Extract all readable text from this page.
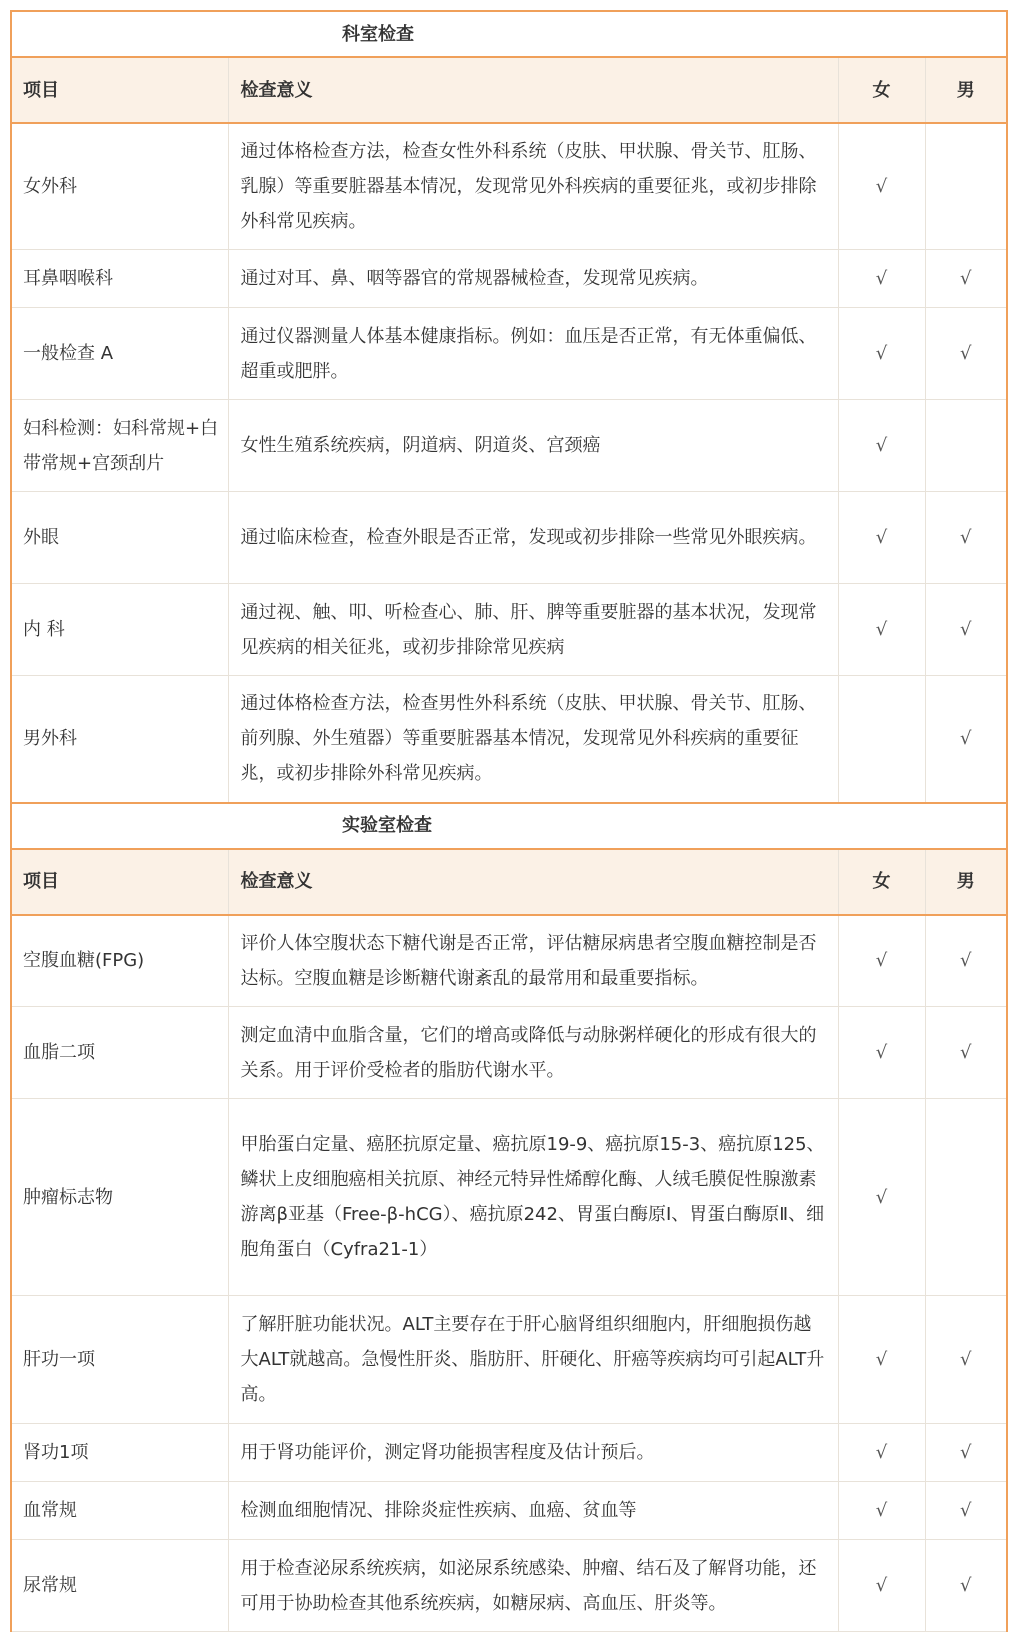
科室检查			
项目	检查意义	女	男
女外科	通过体格检查方法，检查女性外科系统（皮肤、甲状腺、骨关节、肛肠、乳腺）等重要脏器基本情况，发现常见外科疾病的重要征兆，或初步排除外科常见疾病。	√	
耳鼻咽喉科	通过对耳、鼻、咽等器官的常规器械检查，发现常见疾病。	√	√
一般检查 A	通过仪器测量人体基本健康指标。例如：血压是否正常，有无体重偏低、超重或肥胖。	√	√
妇科检测：妇科常规+白带常规+宫颈刮片	女性生殖系统疾病，阴道病、阴道炎、宫颈癌	√	
外眼	通过临床检查，检查外眼是否正常，发现或初步排除一些常见外眼疾病。	√	√
内 科	通过视、触、叩、听检查心、肺、肝、脾等重要脏器的基本状况，发现常见疾病的相关征兆，或初步排除常见疾病	√	√
男外科	通过体格检查方法，检查男性外科系统（皮肤、甲状腺、骨关节、肛肠、前列腺、外生殖器）等重要脏器基本情况，发现常见外科疾病的重要征兆，或初步排除外科常见疾病。		√
实验室检查			
项目	检查意义	女	男
空腹血糖(FPG)	评价人体空腹状态下糖代谢是否正常，评估糖尿病患者空腹血糖控制是否达标。空腹血糖是诊断糖代谢紊乱的最常用和最重要指标。	√	√
血脂二项	测定血清中血脂含量，它们的增高或降低与动脉粥样硬化的形成有很大的关系。用于评价受检者的脂肪代谢水平。	√	√
肿瘤标志物	甲胎蛋白定量、癌胚抗原定量、癌抗原19-9、癌抗原15-3、癌抗原125、鳞状上皮细胞癌相关抗原、神经元特异性烯醇化酶、人绒毛膜促性腺激素游离β亚基（Free-β-hCG）、癌抗原242、胃蛋白酶原Ⅰ、胃蛋白酶原Ⅱ、细胞角蛋白（Cyfra21-1）	√	
肝功一项	了解肝脏功能状况。ALT主要存在于肝心脑肾组织细胞内，肝细胞损伤越大ALT就越高。急慢性肝炎、脂肪肝、肝硬化、肝癌等疾病均可引起ALT升高。	√	√
肾功1项	用于肾功能评价，测定肾功能损害程度及估计预后。	√	√
血常规	检测血细胞情况、排除炎症性疾病、血癌、贫血等	√	√
尿常规	用于检查泌尿系统疾病，如泌尿系统感染、肿瘤、结石及了解肾功能，还可用于协助检查其他系统疾病，如糖尿病、高血压、肝炎等。	√	√
